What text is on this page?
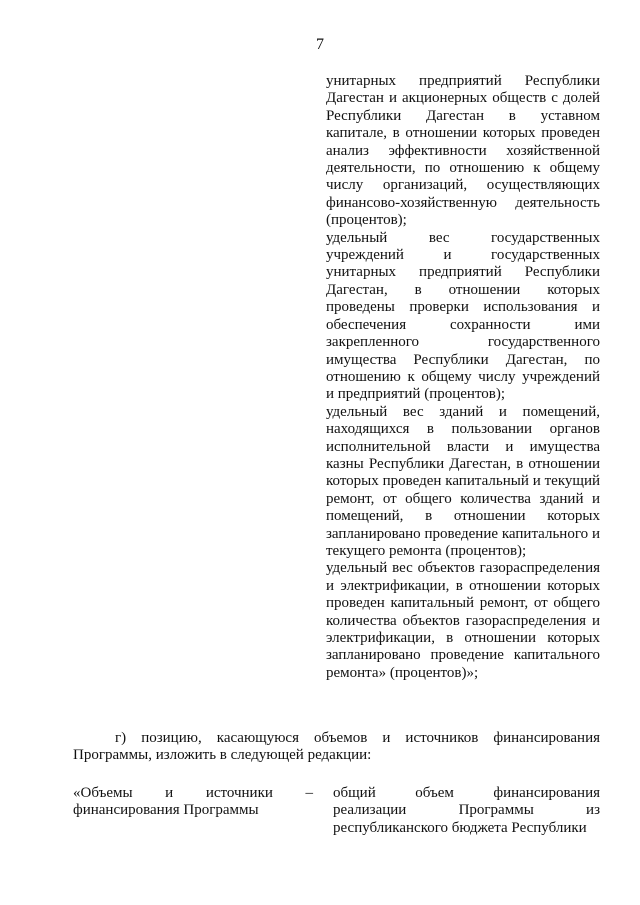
7

унитарных предприятий Республики Дагестан и акционерных обществ с долей Республики Дагестан в уставном капитале, в отношении которых проведен анализ эффективности хозяйственной деятельности, по отношению к общему числу организаций, осуществляющих финансово-хозяйственную деятельность (процентов);

удельный вес государственных учреждений и государственных унитарных предприятий Республики Дагестан, в отношении которых проведены проверки использования и обеспечения сохранности ими закрепленного государственного имущества Республики Дагестан, по отношению к общему числу учреждений и предприятий (процентов);

удельный вес зданий и помещений, находящихся в пользовании органов исполнительной власти и имущества казны Республики Дагестан, в отношении которых проведен капитальный и текущий ремонт, от общего количества зданий и помещений, в отношении которых запланировано проведение капитального и текущего ремонта (процентов);

удельный вес объектов газораспределения и электрификации, в отношении которых проведен капитальный ремонт, от общего количества объектов газораспределения и электрификации, в отношении которых запланировано проведение капитального ремонта» (процентов)»;

г) позицию, касающуюся объемов и источников финансирования Программы, изложить в следующей редакции:

«Объемы и источники – финансирования Программы

общий объем финансирования реализации Программы из республиканского бюджета Республики
